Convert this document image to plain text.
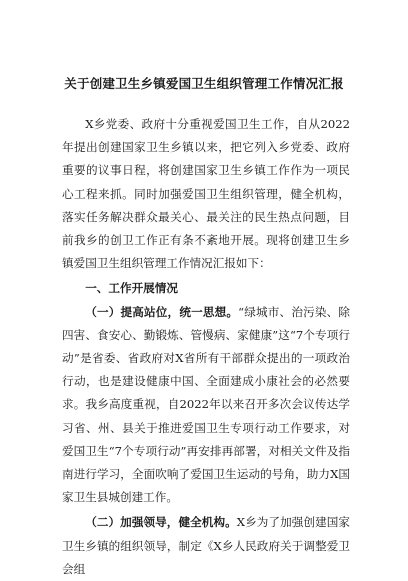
关于创建卫生乡镇爱国卫生组织管理工作情况汇报

X乡党委、政府十分重视爱国卫生工作，自从2022年提出创建国家卫生乡镇以来，把它列入乡党委、政府重要的议事日程，将创建国家卫生乡镇工作作为一项民心工程来抓。同时加强爱国卫生组织管理，健全机构，落实任务解决群众最关心、最关注的民生热点问题，目前我乡的创卫工作正有条不紊地开展。现将创建卫生乡镇爱国卫生组织管理工作情况汇报如下：

一、工作开展情况

（一）提高站位，统一思想。“绿城市、治污染、除四害、食安心、勤锻炼、管慢病、家健康”这“7个专项行动”是省委、省政府对X省所有干部群众提出的一项政治行动，也是建设健康中国、全面建成小康社会的必然要求。我乡高度重视，自2022年以来召开多次会议传达学习省、州、县关于推进爱国卫生专项行动工作要求，对爱国卫生“7个专项行动”再安排再部署，对相关文件及指南进行学习，全面吹响了爱国卫生运动的号角，助力X国家卫生县城创建工作。

（二）加强领导，健全机构。X乡为了加强创建国家卫生乡镇的组织领导，制定《X乡人民政府关于调整爱卫会组
